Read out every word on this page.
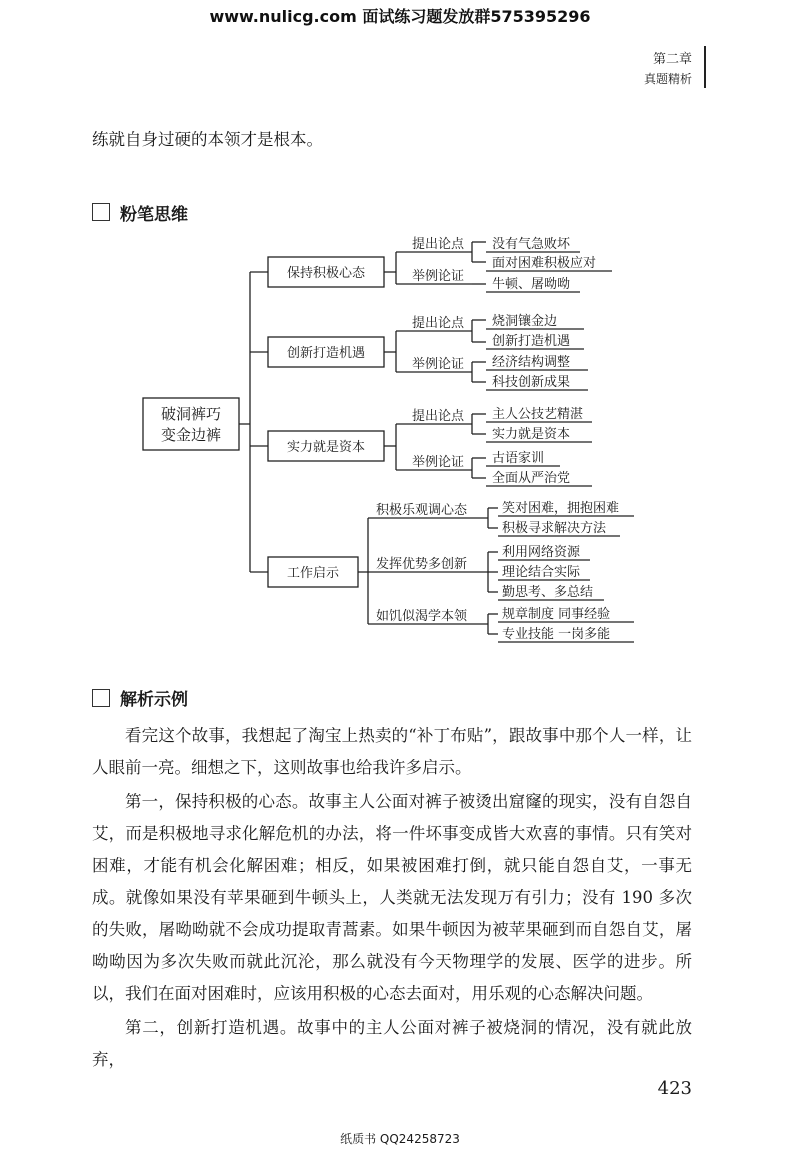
www.nulicg.com 面试练习题发放群575395296
第二章
真题精析
练就自身过硬的本领才是根本。
粉笔思维
破洞裤巧
变金边裤
保持积极心态
创新打造机遇
实力就是资本
工作启示
提出论点
举例论证
没有气急败坏
面对困难积极应对
牛顿、屠呦呦
提出论点
举例论证
烧洞镶金边
创新打造机遇
经济结构调整
科技创新成果
提出论点
举例论证
主人公技艺精湛
实力就是资本
古语家训
全面从严治党
积极乐观调心态
发挥优势多创新
如饥似渴学本领
笑对困难，拥抱困难
积极寻求解决方法
利用网络资源
理论结合实际
勤思考、多总结
规章制度 同事经验
专业技能 一岗多能
解析示例
看完这个故事，我想起了淘宝上热卖的“补丁布贴”，跟故事中那个人一样，让人眼前一亮。细想之下，这则故事也给我许多启示。
第一，保持积极的心态。故事主人公面对裤子被烫出窟窿的现实，没有自怨自艾，而是积极地寻求化解危机的办法，将一件坏事变成皆大欢喜的事情。只有笑对困难，才能有机会化解困难；相反，如果被困难打倒，就只能自怨自艾，一事无成。就像如果没有苹果砸到牛顿头上，人类就无法发现万有引力；没有 190 多次的失败，屠呦呦就不会成功提取青蒿素。如果牛顿因为被苹果砸到而自怨自艾，屠呦呦因为多次失败而就此沉沦，那么就没有今天物理学的发展、医学的进步。所以，我们在面对困难时，应该用积极的心态去面对，用乐观的心态解决问题。
第二，创新打造机遇。故事中的主人公面对裤子被烧洞的情况，没有就此放弃，
423
纸质书 QQ24258723
